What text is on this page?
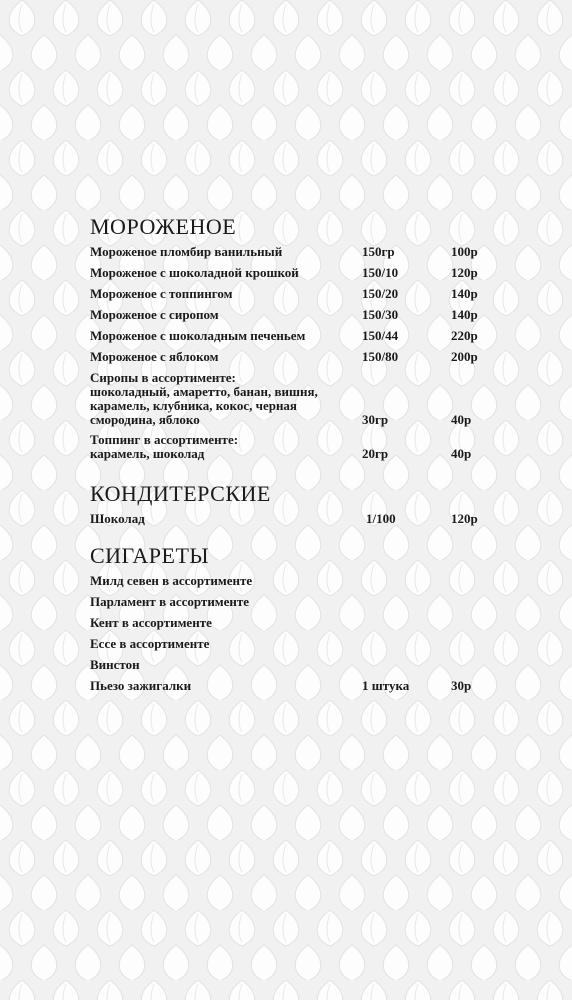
МОРОЖЕНОЕ
Мороженое пломбир ванильный	150гр	100р
Мороженое с шоколадной крошкой	150/10	120р
Мороженое с топпингом	150/20	140р
Мороженое с сиропом	150/30	140р
Мороженое с шоколадным печеньем	150/44	220р
Мороженое с яблоком	150/80	200р
Сиропы в ассортименте:
шоколадный, амаретто, банан, вишня,
карамель, клубника, кокос, черная
смородина, яблоко	30гр	40р
Топпинг в ассортименте:
карамель, шоколад	20гр	40р
КОНДИТЕРСКИЕ
Шоколад	1/100	120р
СИГАРЕТЫ
Милд севен в ассортименте
Парламент в ассортименте
Кент в ассортименте
Ессе в ассортименте
Винстон
Пьезо зажигалки	1 штука	30р
